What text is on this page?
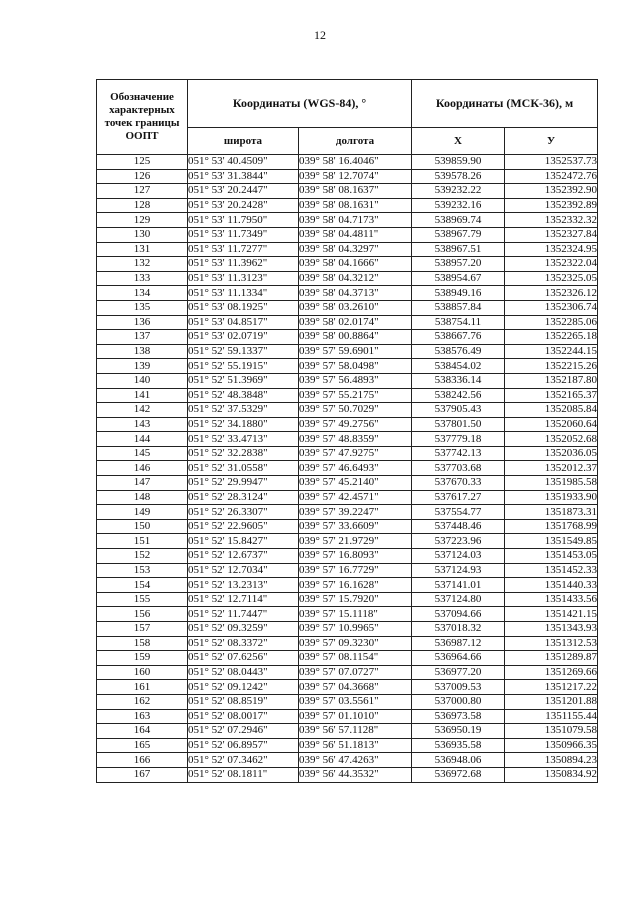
12
Обозначение характерных точек границы ООПТ	Координаты (WGS-84), °		Координаты (МСК-36), м	
	широта	долгота	X	У
125	051° 53' 40.4509"	039° 58' 16.4046"	539859.90	1352537.73
126	051° 53' 31.3844"	039° 58' 12.7074"	539578.26	1352472.76
127	051° 53' 20.2447"	039° 58' 08.1637"	539232.22	1352392.90
128	051° 53' 20.2428"	039° 58' 08.1631"	539232.16	1352392.89
129	051° 53' 11.7950"	039° 58' 04.7173"	538969.74	1352332.32
130	051° 53' 11.7349"	039° 58' 04.4811"	538967.79	1352327.84
131	051° 53' 11.7277"	039° 58' 04.3297"	538967.51	1352324.95
132	051° 53' 11.3962"	039° 58' 04.1666"	538957.20	1352322.04
133	051° 53' 11.3123"	039° 58' 04.3212"	538954.67	1352325.05
134	051° 53' 11.1334"	039° 58' 04.3713"	538949.16	1352326.12
135	051° 53' 08.1925"	039° 58' 03.2610"	538857.84	1352306.74
136	051° 53' 04.8517"	039° 58' 02.0174"	538754.11	1352285.06
137	051° 53' 02.0719"	039° 58' 00.8864"	538667.76	1352265.18
138	051° 52' 59.1337"	039° 57' 59.6901"	538576.49	1352244.15
139	051° 52' 55.1915"	039° 57' 58.0498"	538454.02	1352215.26
140	051° 52' 51.3969"	039° 57' 56.4893"	538336.14	1352187.80
141	051° 52' 48.3848"	039° 57' 55.2175"	538242.56	1352165.37
142	051° 52' 37.5329"	039° 57' 50.7029"	537905.43	1352085.84
143	051° 52' 34.1880"	039° 57' 49.2756"	537801.50	1352060.64
144	051° 52' 33.4713"	039° 57' 48.8359"	537779.18	1352052.68
145	051° 52' 32.2838"	039° 57' 47.9275"	537742.13	1352036.05
146	051° 52' 31.0558"	039° 57' 46.6493"	537703.68	1352012.37
147	051° 52' 29.9947"	039° 57' 45.2140"	537670.33	1351985.58
148	051° 52' 28.3124"	039° 57' 42.4571"	537617.27	1351933.90
149	051° 52' 26.3307"	039° 57' 39.2247"	537554.77	1351873.31
150	051° 52' 22.9605"	039° 57' 33.6609"	537448.46	1351768.99
151	051° 52' 15.8427"	039° 57' 21.9729"	537223.96	1351549.85
152	051° 52' 12.6737"	039° 57' 16.8093"	537124.03	1351453.05
153	051° 52' 12.7034"	039° 57' 16.7729"	537124.93	1351452.33
154	051° 52' 13.2313"	039° 57' 16.1628"	537141.01	1351440.33
155	051° 52' 12.7114"	039° 57' 15.7920"	537124.80	1351433.56
156	051° 52' 11.7447"	039° 57' 15.1118"	537094.66	1351421.15
157	051° 52' 09.3259"	039° 57' 10.9965"	537018.32	1351343.93
158	051° 52' 08.3372"	039° 57' 09.3230"	536987.12	1351312.53
159	051° 52' 07.6256"	039° 57' 08.1154"	536964.66	1351289.87
160	051° 52' 08.0443"	039° 57' 07.0727"	536977.20	1351269.66
161	051° 52' 09.1242"	039° 57' 04.3668"	537009.53	1351217.22
162	051° 52' 08.8519"	039° 57' 03.5561"	537000.80	1351201.88
163	051° 52' 08.0017"	039° 57' 01.1010"	536973.58	1351155.44
164	051° 52' 07.2946"	039° 56' 57.1128"	536950.19	1351079.58
165	051° 52' 06.8957"	039° 56' 51.1813"	536935.58	1350966.35
166	051° 52' 07.3462"	039° 56' 47.4263"	536948.06	1350894.23
167	051° 52' 08.1811"	039° 56' 44.3532"	536972.68	1350834.92
